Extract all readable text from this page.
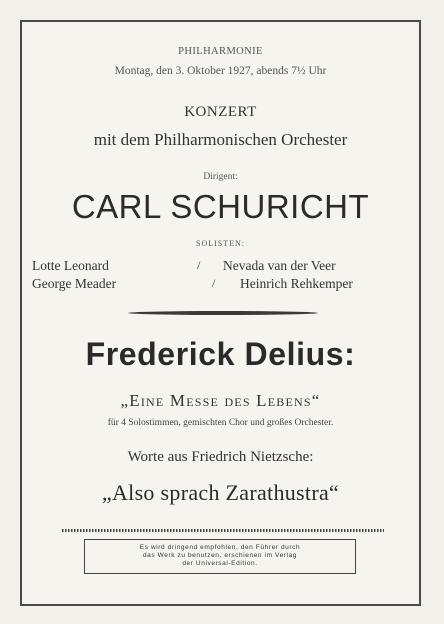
PHILHARMONIE
Montag, den 3. Oktober 1927, abends 7½ Uhr
KONZERT
mit dem Philharmonischen Orchester
Dirigent:
CARL SCHURICHT
SOLISTEN:
Lotte Leonard	/ Nevada van der Veer
George Meader	/ Heinrich Rehkemper
Frederick Delius:
„Eine Messe des Lebens“
für 4 Solostimmen, gemischten Chor und großes Orchester.
Worte aus Friedrich Nietzsche:
„Also sprach Zarathustra“
Es wird dringend empfohlen, den Führer durch
das Werk zu benutzen, erschienen im Verlag
der Universal-Edition.
